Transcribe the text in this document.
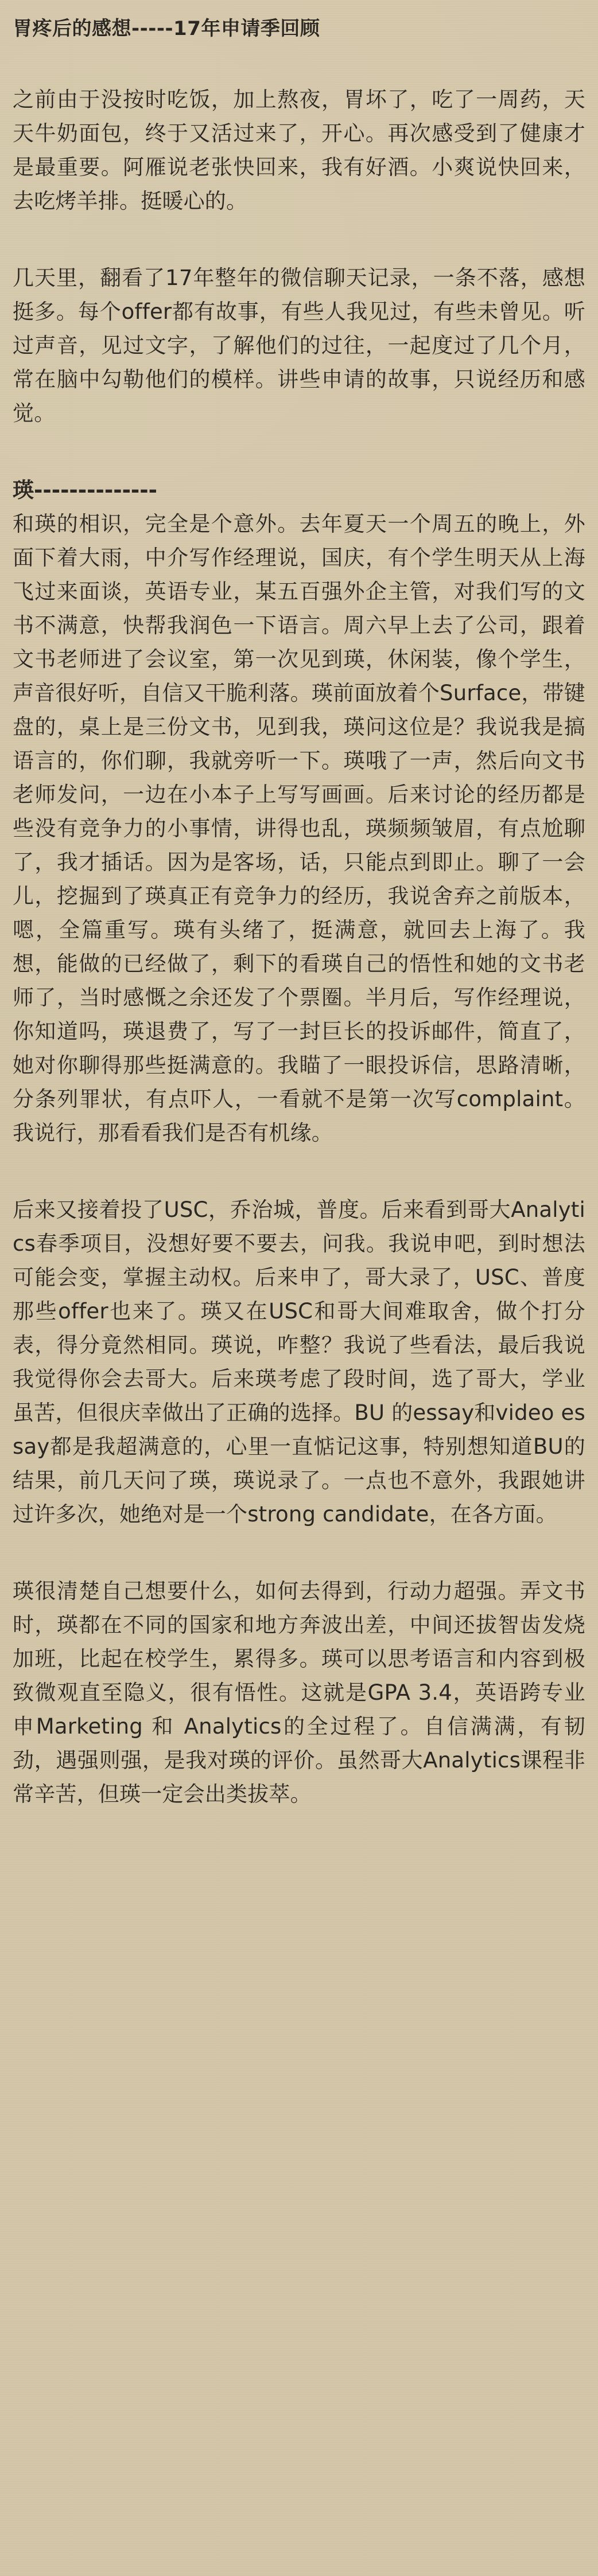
胃疼后的感想-----17年申请季回顾

之前由于没按时吃饭，加上熬夜，胃坏了，吃了一周药，天天牛奶面包，终于又活过来了，开心。再次感受到了健康才是最重要。阿雁说老张快回来，我有好酒。小爽说快回来，去吃烤羊排。挺暖心的。

几天里，翻看了17年整年的微信聊天记录，一条不落，感想挺多。每个offer都有故事，有些人我见过，有些未曾见。听过声音，见过文字，了解他们的过往，一起度过了几个月，常在脑中勾勒他们的模样。讲些申请的故事，只说经历和感觉。

瑛--------------

和瑛的相识，完全是个意外。去年夏天一个周五的晚上，外面下着大雨，中介写作经理说，国庆，有个学生明天从上海飞过来面谈，英语专业，某五百强外企主管，对我们写的文书不满意，快帮我润色一下语言。周六早上去了公司，跟着文书老师进了会议室，第一次见到瑛，休闲装，像个学生，声音很好听，自信又干脆利落。瑛前面放着个Surface，带键盘的，桌上是三份文书，见到我，瑛问这位是？我说我是搞语言的，你们聊，我就旁听一下。瑛哦了一声，然后向文书老师发问，一边在小本子上写写画画。后来讨论的经历都是些没有竞争力的小事情，讲得也乱，瑛频频皱眉，有点尬聊了，我才插话。因为是客场，话，只能点到即止。聊了一会儿，挖掘到了瑛真正有竞争力的经历，我说舍弃之前版本，嗯，全篇重写。瑛有头绪了，挺满意，就回去上海了。我想，能做的已经做了，剩下的看瑛自己的悟性和她的文书老师了，当时感慨之余还发了个票圈。半月后，写作经理说，你知道吗，瑛退费了，写了一封巨长的投诉邮件，简直了，她对你聊得那些挺满意的。我瞄了一眼投诉信，思路清晰，分条列罪状，有点吓人，一看就不是第一次写complaint。我说行，那看看我们是否有机缘。

后来又接着投了USC，乔治城，普度。后来看到哥大Analytics春季项目，没想好要不要去，问我。我说申吧，到时想法可能会变，掌握主动权。后来申了，哥大录了，USC、普度那些offer也来了。瑛又在USC和哥大间难取舍，做个打分表，得分竟然相同。瑛说，咋整？我说了些看法，最后我说我觉得你会去哥大。后来瑛考虑了段时间，选了哥大，学业虽苦，但很庆幸做出了正确的选择。BU 的essay和video essay都是我超满意的，心里一直惦记这事，特别想知道BU的结果，前几天问了瑛，瑛说录了。一点也不意外，我跟她讲过许多次，她绝对是一个strong candidate，在各方面。

瑛很清楚自己想要什么，如何去得到，行动力超强。弄文书时，瑛都在不同的国家和地方奔波出差，中间还拔智齿发烧加班，比起在校学生，累得多。瑛可以思考语言和内容到极致微观直至隐义，很有悟性。这就是GPA 3.4，英语跨专业申Marketing 和 Analytics的全过程了。自信满满，有韧劲，遇强则强，是我对瑛的评价。虽然哥大Analytics课程非常辛苦，但瑛一定会出类拔萃。
